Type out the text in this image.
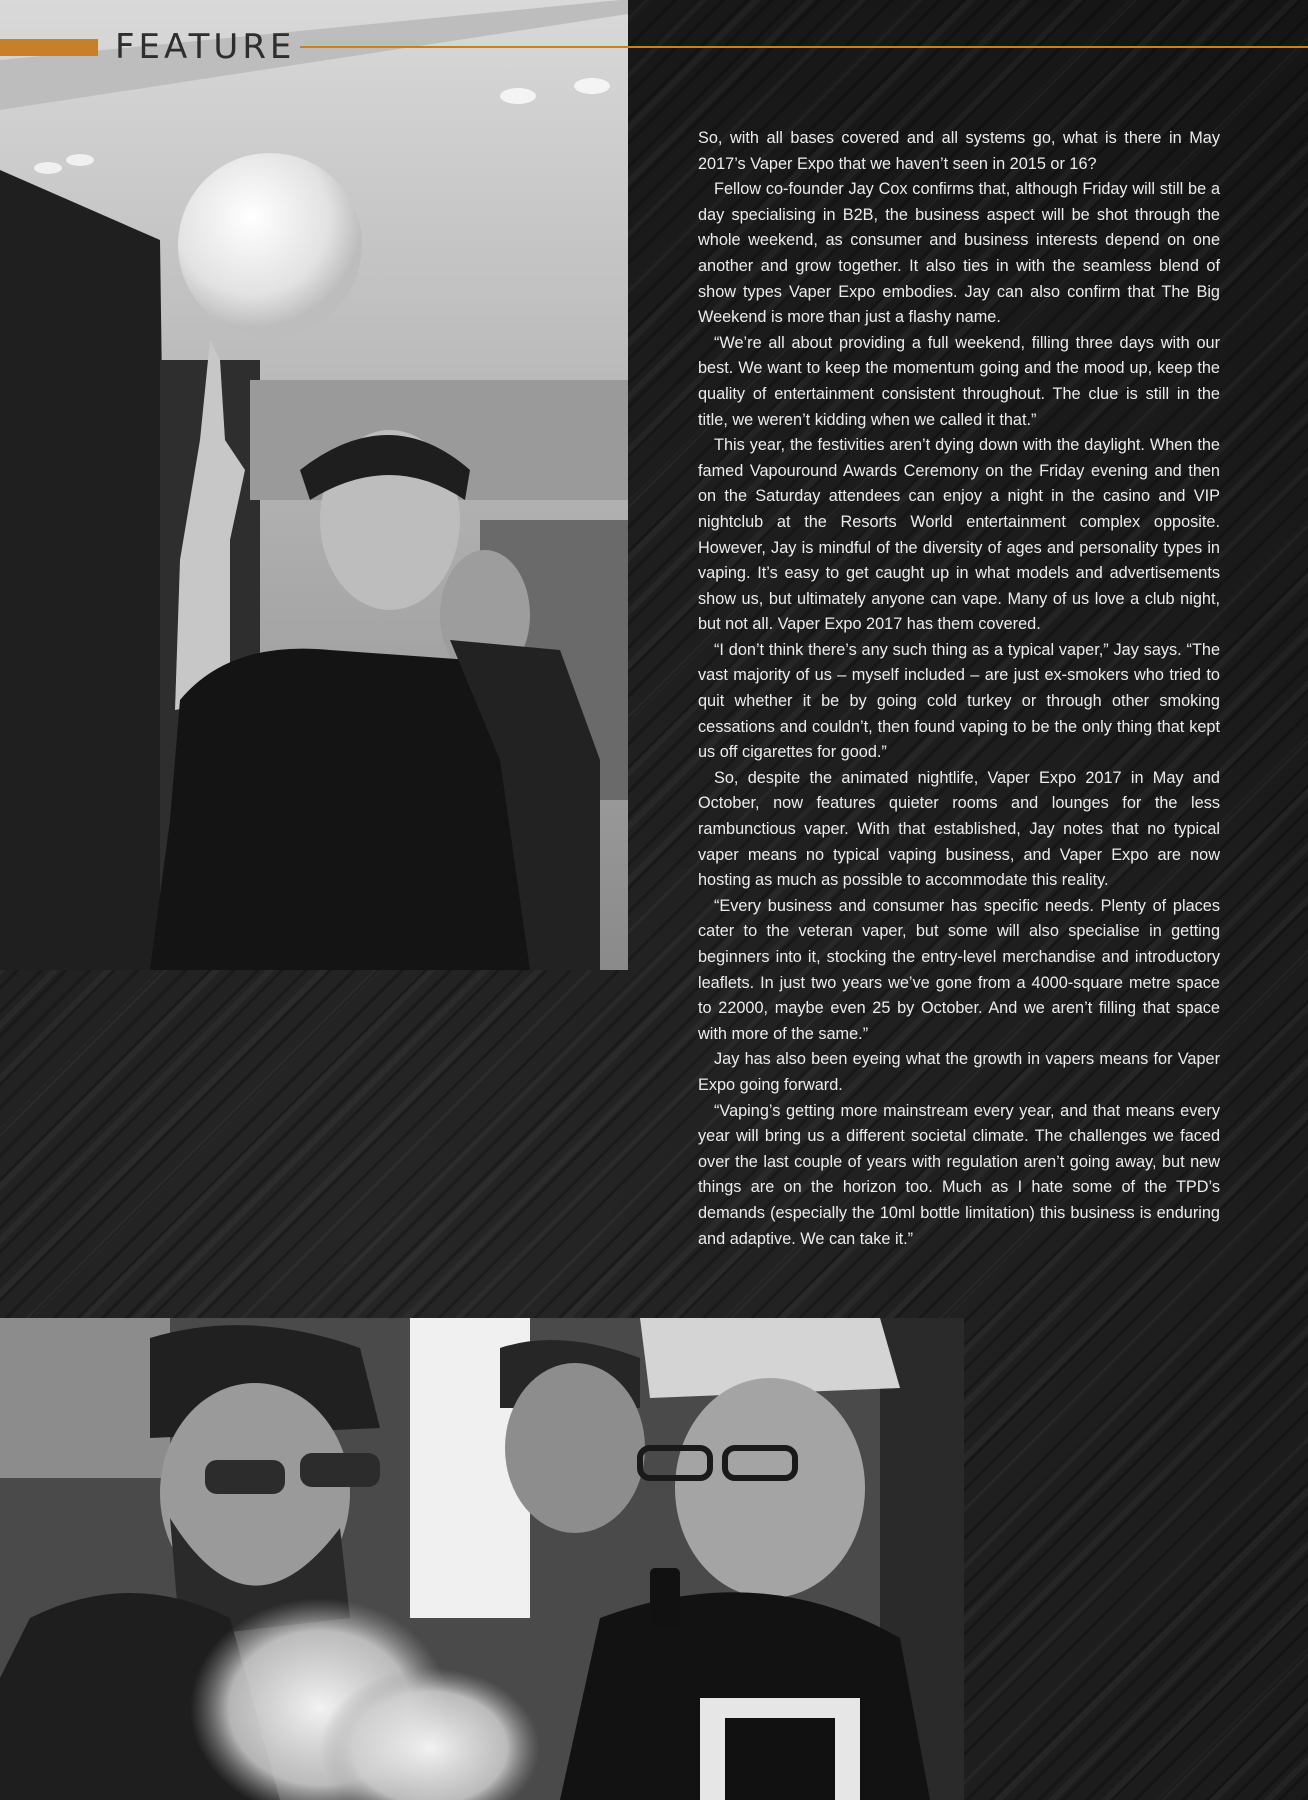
FEATURE

So, with all bases covered and all systems go, what is there in May 2017’s Vaper Expo that we haven’t seen in 2015 or 16?

Fellow co-founder Jay Cox confirms that, although Friday will still be a day specialising in B2B, the business aspect will be shot through the whole weekend, as consumer and business interests depend on one another and grow together. It also ties in with the seamless blend of show types Vaper Expo embodies. Jay can also confirm that The Big Weekend is more than just a flashy name.

“We’re all about providing a full weekend, filling three days with our best. We want to keep the momentum going and the mood up, keep the quality of entertainment consistent throughout. The clue is still in the title, we weren’t kidding when we called it that.”

This year, the festivities aren’t dying down with the daylight. When the famed Vapouround Awards Ceremony on the Friday evening and then on the Saturday attendees can enjoy a night in the casino and VIP nightclub at the Resorts World entertainment complex opposite. However, Jay is mindful of the diversity of ages and personality types in vaping. It’s easy to get caught up in what models and advertisements show us, but ultimately anyone can vape. Many of us love a club night, but not all. Vaper Expo 2017 has them covered.

“I don’t think there’s any such thing as a typical vaper,” Jay says. “The vast majority of us – myself included – are just ex-smokers who tried to quit whether it be by going cold turkey or through other smoking cessations and couldn’t, then found vaping to be the only thing that kept us off cigarettes for good.”

So, despite the animated nightlife, Vaper Expo 2017 in May and October, now features quieter rooms and lounges for the less rambunctious vaper. With that established, Jay notes that no typical vaper means no typical vaping business, and Vaper Expo are now hosting as much as possible to accommodate this reality.

“Every business and consumer has specific needs. Plenty of places cater to the veteran vaper, but some will also specialise in getting beginners into it, stocking the entry-level merchandise and introductory leaflets. In just two years we’ve gone from a 4000-square metre space to 22000, maybe even 25 by October. And we aren’t filling that space with more of the same.”

Jay has also been eyeing what the growth in vapers means for Vaper Expo going forward.

“Vaping’s getting more mainstream every year, and that means every year will bring us a different societal climate. The challenges we faced over the last couple of years with regulation aren’t going away, but new things are on the horizon too. Much as I hate some of the TPD’s demands (especially the 10ml bottle limitation) this business is enduring and adaptive. We can take it.”
